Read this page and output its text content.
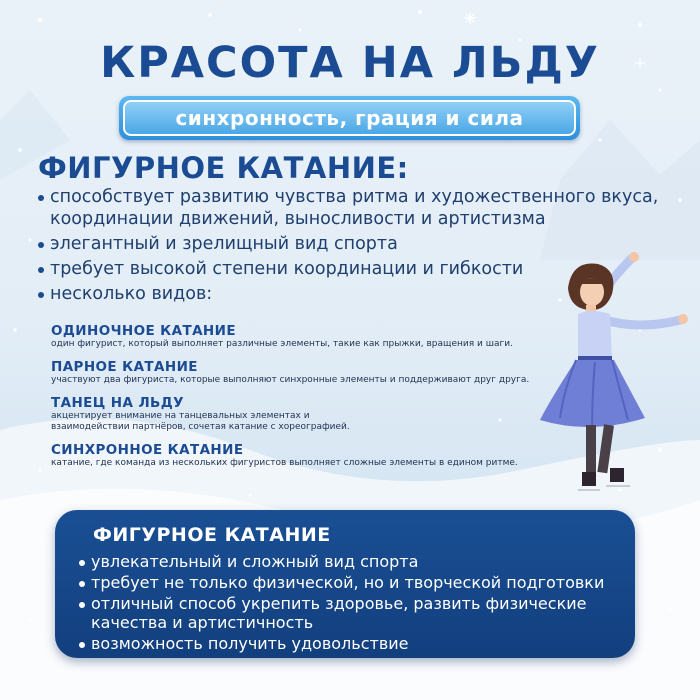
КРАСОТА НА ЛЬДУ
синхронность, грация и сила
ФИГУРНОЕ КАТАНИЕ:
способствует развитию чувства ритма и художественного вкуса, координации движений, выносливости и артистизма
элегантный и зрелищный вид спорта
требует высокой степени координации и гибкости
несколько видов:
ОДИНОЧНОЕ КАТАНИЕ
один фигурист, который выполняет различные элементы, такие как прыжки, вращения и шаги.
ПАРНОЕ КАТАНИЕ
участвуют два фигуриста, которые выполняют синхронные элементы и поддерживают друг друга.
ТАНЕЦ НА ЛЬДУ
акцентирует внимание на танцевальных элементах и взаимодействии партнёров, сочетая катание с хореографией.
СИНХРОННОЕ КАТАНИЕ
катание, где команда из нескольких фигуристов выполняет сложные элементы в едином ритме.
ФИГУРНОЕ КАТАНИЕ
увлекательный и сложный вид спорта
требует не только физической, но и творческой подготовки
отличный способ укрепить здоровье, развить физические качества и артистичность
возможность получить удовольствие
